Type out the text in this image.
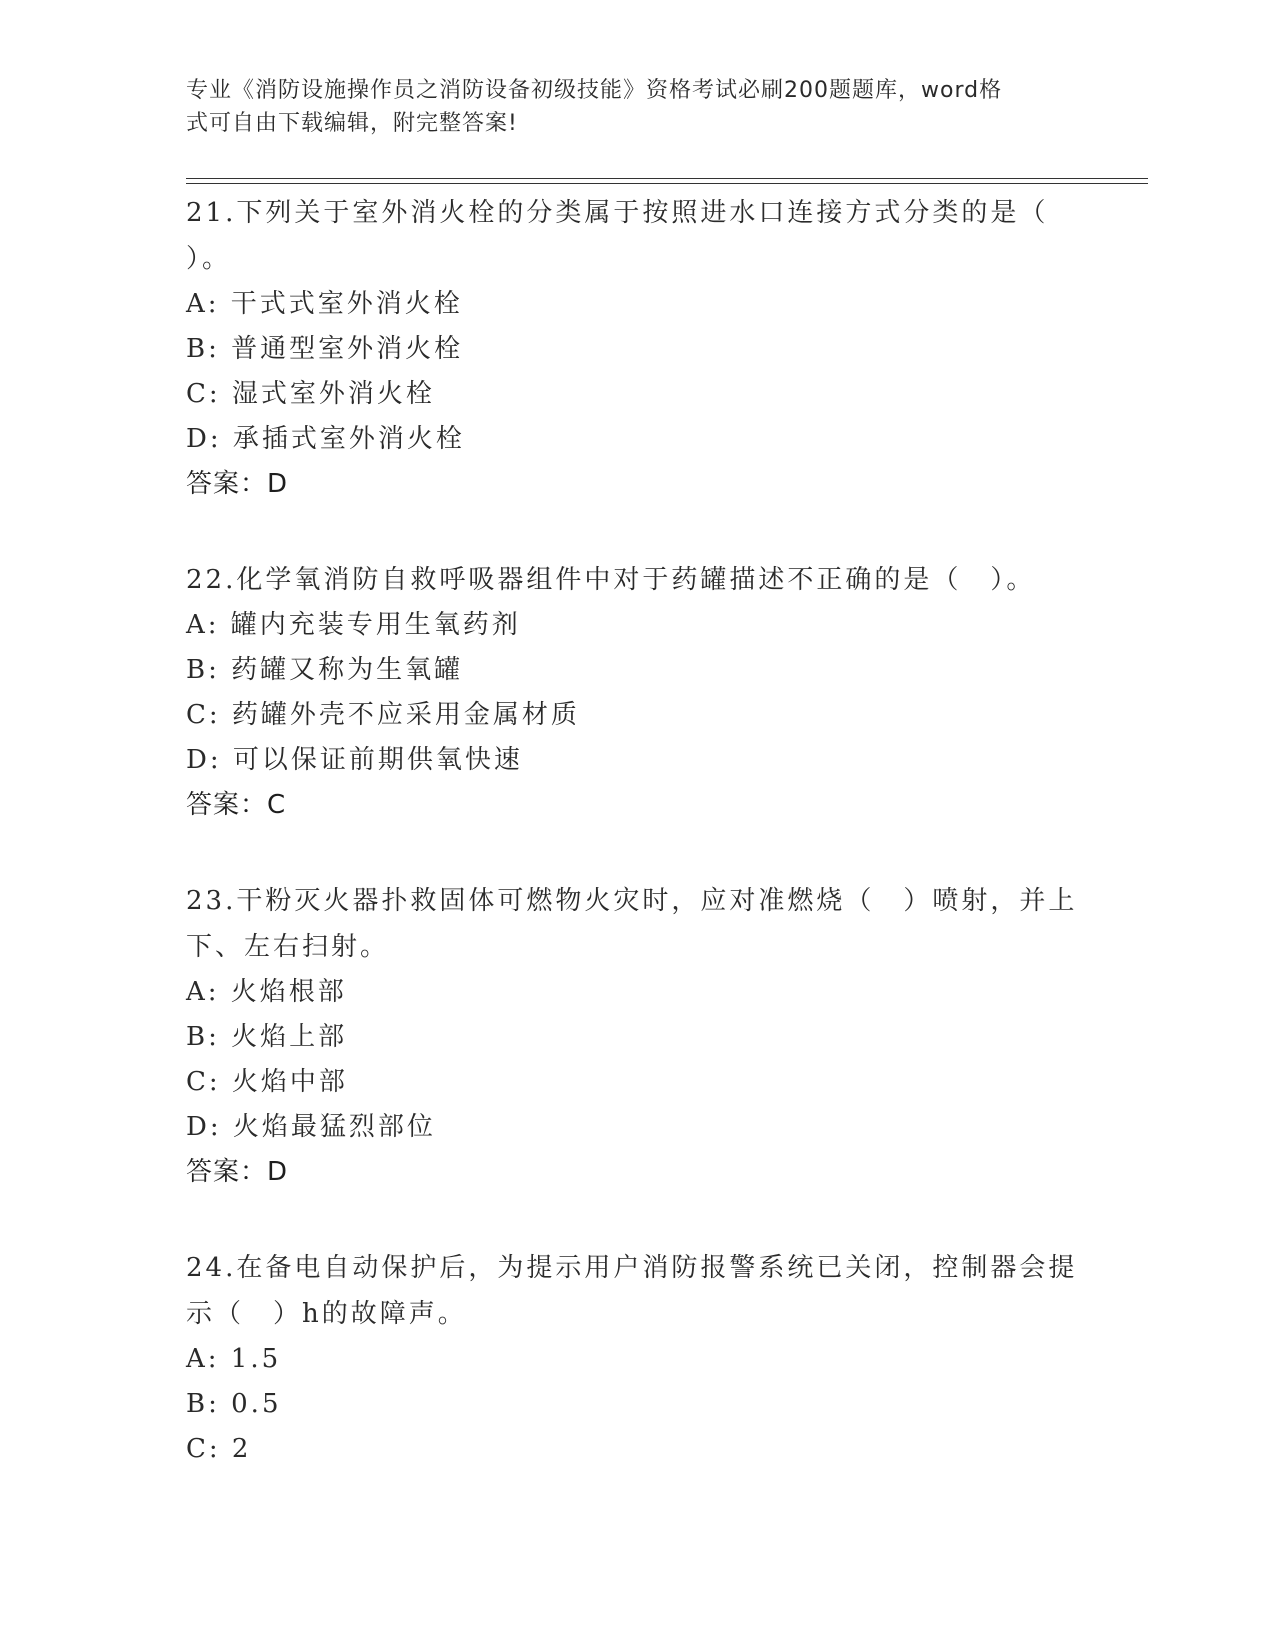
专业《消防设施操作员之消防设备初级技能》资格考试必刷200题题库，word格
式可自由下载编辑，附完整答案!
21.下列关于室外消火栓的分类属于按照进水口连接方式分类的是（
）。
A: 干式式室外消火栓
B: 普通型室外消火栓
C: 湿式室外消火栓
D: 承插式室外消火栓
答案：D
22.化学氧消防自救呼吸器组件中对于药罐描述不正确的是（　）。
A: 罐内充装专用生氧药剂
B: 药罐又称为生氧罐
C: 药罐外壳不应采用金属材质
D: 可以保证前期供氧快速
答案：C
23.干粉灭火器扑救固体可燃物火灾时，应对准燃烧（　）喷射，并上
下、左右扫射。
A: 火焰根部
B: 火焰上部
C: 火焰中部
D: 火焰最猛烈部位
答案：D
24.在备电自动保护后，为提示用户消防报警系统已关闭，控制器会提
示（　）h的故障声。
A: 1.5
B: 0.5
C: 2
